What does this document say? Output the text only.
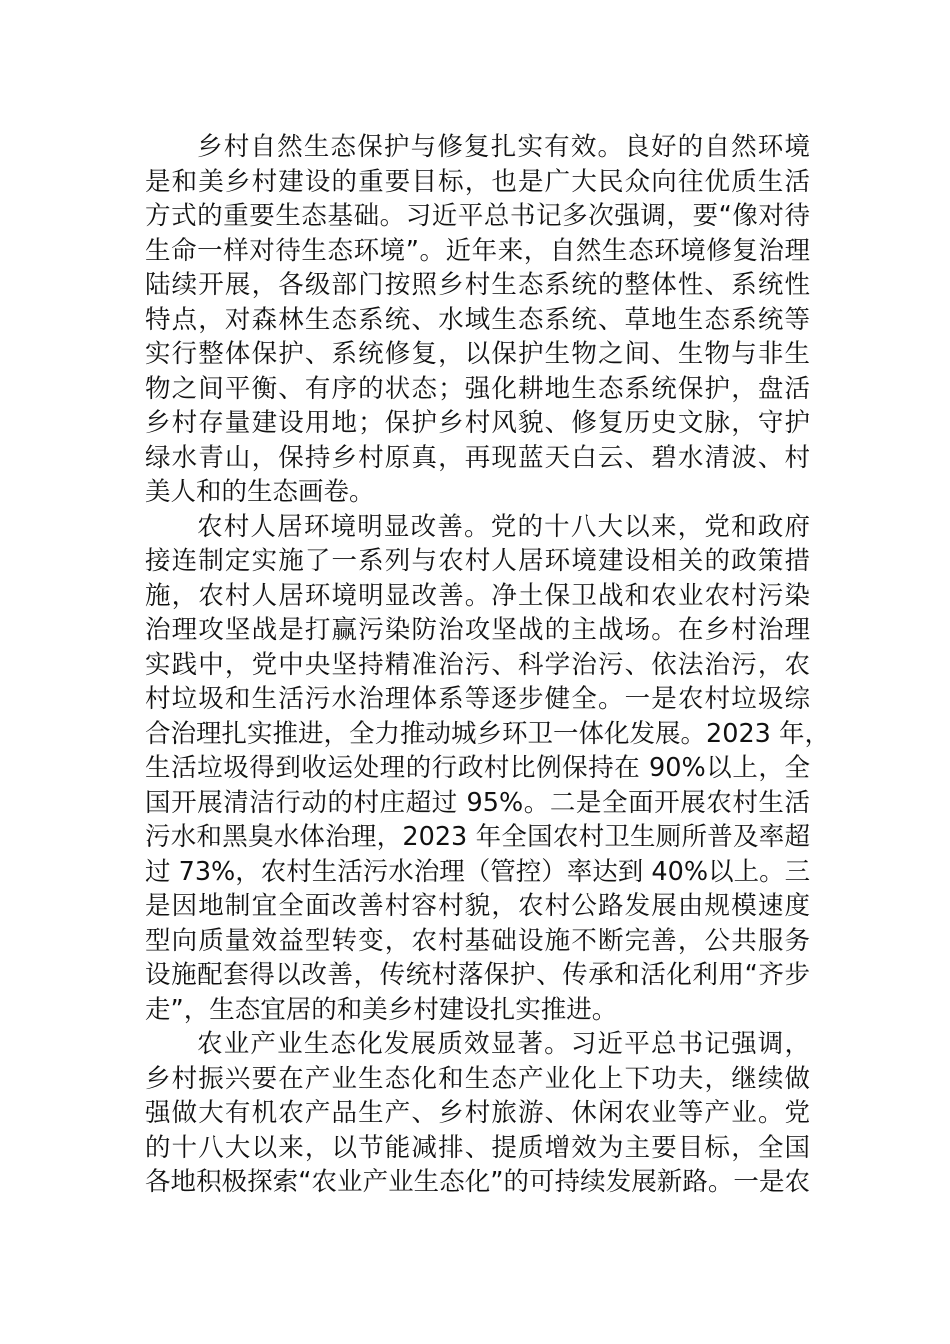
乡村自然生态保护与修复扎实有效。良好的自然环境
是和美乡村建设的重要目标，也是广大民众向往优质生活
方式的重要生态基础。习近平总书记多次强调，要“像对待
生命一样对待生态环境”。近年来，自然生态环境修复治理
陆续开展，各级部门按照乡村生态系统的整体性、系统性
特点，对森林生态系统、水域生态系统、草地生态系统等
实行整体保护、系统修复，以保护生物之间、生物与非生
物之间平衡、有序的状态；强化耕地生态系统保护，盘活
乡村存量建设用地；保护乡村风貌、修复历史文脉，守护
绿水青山，保持乡村原真，再现蓝天白云、碧水清波、村
美人和的生态画卷。
农村人居环境明显改善。党的十八大以来，党和政府
接连制定实施了一系列与农村人居环境建设相关的政策措
施，农村人居环境明显改善。净土保卫战和农业农村污染
治理攻坚战是打赢污染防治攻坚战的主战场。在乡村治理
实践中，党中央坚持精准治污、科学治污、依法治污，农
村垃圾和生活污水治理体系等逐步健全。一是农村垃圾综
合治理扎实推进，全力推动城乡环卫一体化发展。2023 年，
生活垃圾得到收运处理的行政村比例保持在 90%以上，全
国开展清洁行动的村庄超过 95%。二是全面开展农村生活
污水和黑臭水体治理，2023 年全国农村卫生厕所普及率超
过 73%，农村生活污水治理（管控）率达到 40%以上。三
是因地制宜全面改善村容村貌，农村公路发展由规模速度
型向质量效益型转变，农村基础设施不断完善，公共服务
设施配套得以改善，传统村落保护、传承和活化利用“齐步
走”，生态宜居的和美乡村建设扎实推进。
农业产业生态化发展质效显著。习近平总书记强调，
乡村振兴要在产业生态化和生态产业化上下功夫，继续做
强做大有机农产品生产、乡村旅游、休闲农业等产业。党
的十八大以来，以节能减排、提质增效为主要目标，全国
各地积极探索“农业产业生态化”的可持续发展新路。一是农
